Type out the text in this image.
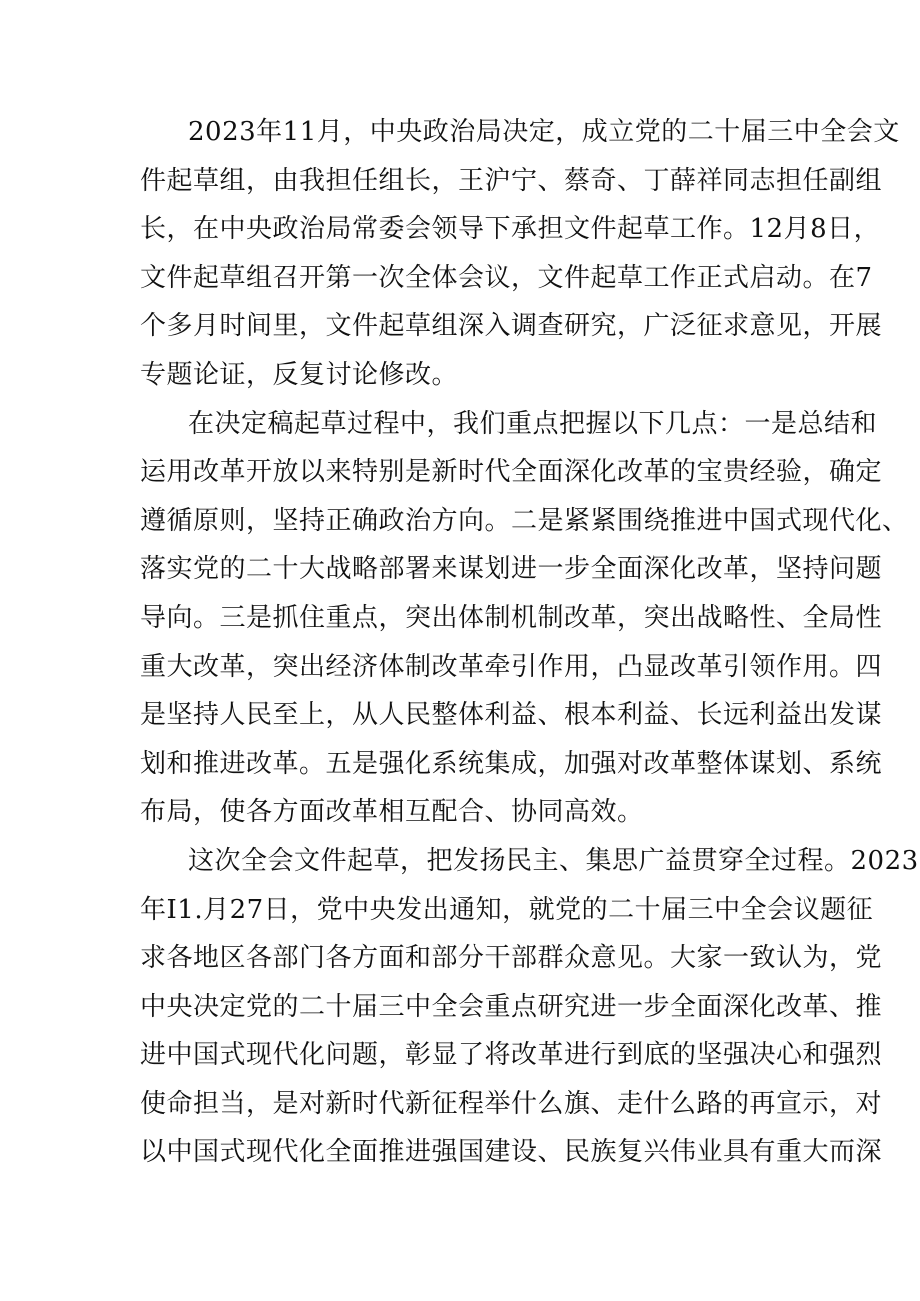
2023年11月，中央政治局决定，成立党的二十届三中全会文
件起草组，由我担任组长，王沪宁、蔡奇、丁薛祥同志担任副组
长，在中央政治局常委会领导下承担文件起草工作。12月8日，
文件起草组召开第一次全体会议，文件起草工作正式启动。在7
个多月时间里，文件起草组深入调查研究，广泛征求意见，开展
专题论证，反复讨论修改。
在决定稿起草过程中，我们重点把握以下几点：一是总结和
运用改革开放以来特别是新时代全面深化改革的宝贵经验，确定
遵循原则，坚持正确政治方向。二是紧紧围绕推进中国式现代化、
落实党的二十大战略部署来谋划进一步全面深化改革，坚持问题
导向。三是抓住重点，突出体制机制改革，突出战略性、全局性
重大改革，突出经济体制改革牵引作用，凸显改革引领作用。四
是坚持人民至上，从人民整体利益、根本利益、长远利益出发谋
划和推进改革。五是强化系统集成，加强对改革整体谋划、系统
布局，使各方面改革相互配合、协同高效。
这次全会文件起草，把发扬民主、集思广益贯穿全过程。2023
年I1.月27日，党中央发出通知，就党的二十届三中全会议题征
求各地区各部门各方面和部分干部群众意见。大家一致认为，党
中央决定党的二十届三中全会重点研究进一步全面深化改革、推
进中国式现代化问题，彰显了将改革进行到底的坚强决心和强烈
使命担当，是对新时代新征程举什么旗、走什么路的再宣示，对
以中国式现代化全面推进强国建设、民族复兴伟业具有重大而深
